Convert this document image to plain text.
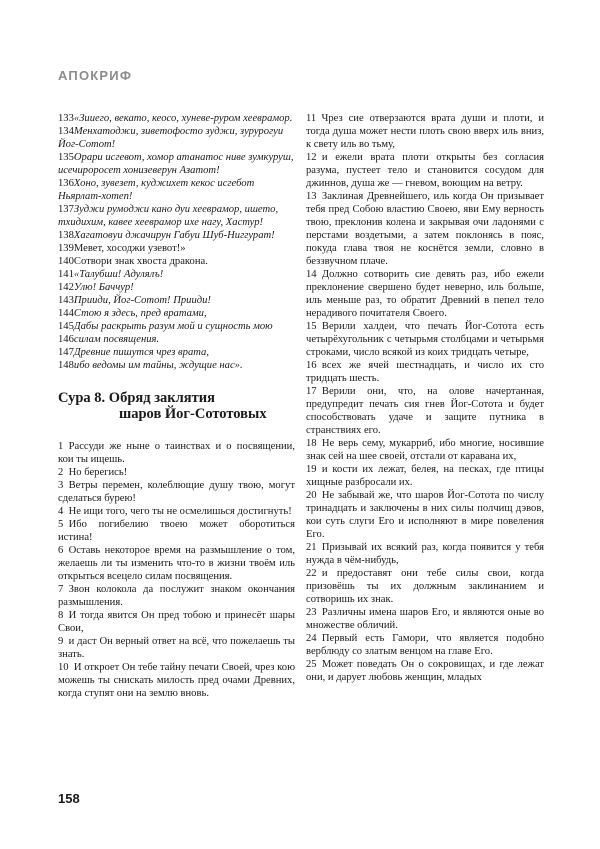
АПОКРИФ

133«Зииего, векато, кеосо, хуневе-руром хееврамор.

134Менхатоджи, зиветофосто зуджи, зурурогуи Йог-Сотот!

135Орари исгевот, хомор атанатос ниве зумкуруш, исечироросет хонизеверун Азатот!

136Хоно, зувезет, куджихет кекос исгебот Ньярлат-хотеп!

137Зуджи румоджи кано дуи хееврамор, ишето, тхидихим, кавее хееврамор ихе нагу, Хастур!

138Хагатовуи джачирун Габуи Шуб-Ниггурат!

139Мевет, хосоджи узевот!»

140Сотвори знак хвоста дракона.

141«Талубши! Адулялъ!

142Улю! Баччур!

143Прииди, Йог-Сотот! Прииди!

144Стою я здесь, пред вратами,

145Дабы раскрыть разум мой и сущность мою

146силам посвящения.

147Древние пишутся чрез врата,

148ибо ведомы им тайны, ждущие нас».

Сура 8. Обряд заклятия
шаров Йог-Сототовых

1  Рассуди же ныне о таинствах и о посвящении, кои ты ищешь.

2  Но берегись!

3  Ветры перемен, колеблющие душу твою, могут сделаться бурею!

4  Не ищи того, чего ты не осмелишься достигнуть!

5  Ибо погибелию твоею может оборотиться истина!

6  Оставь некоторое время на размышление о том, желаешь ли ты изменить что-то в жизни твоём иль открыться всецело силам посвящения.

7  Звон колокола да послужит знаком окончания размышления.

8  И тогда явится Он пред тобою и принесёт шары Свои,

9  и даст Он верный ответ на всё, что пожелаешь ты знать.

10  И откроет Он тебе тайну печати Своей, чрез кою можешь ты снискать милость пред очами Древних, когда ступят они на землю вновь.

11  Чрез сие отверзаются врата души и плоти, и тогда душа может нести плоть свою вверх иль вниз, к свету иль во тьму,

12  и ежели врата плоти открыты без согласия разума, пустеет тело и становится сосудом для джиннов, душа же — гневом, воющим на ветру.

13  Заклиная Древнейшего, иль когда Он призывает тебя пред Собою властию Своею, яви Ему верность твою, преклонив колена и закрывая очи ладонями с перстами воздетыми, а затем поклонясь в пояс, покуда глава твоя не коснётся земли, словно в беззвучном плаче.

14  Должно сотворить сие девять раз, ибо ежели преклонение свершено будет неверно, иль больше, иль меньше раз, то обратит Древний в пепел тело нерадивого почитателя Своего.

15  Верили халдеи, что печать Йог-Сотота есть четырёхугольник с четырьмя столбцами и четырьмя строками, число всякой из коих тридцать четыре,

16  всех же ячей шестнадцать, и число их сто тридцать шесть.

17  Верили они, что, на олове начертанная, предупредит печать сия гнев Йог-Сотота и будет способствовать удаче и защите путника в странствиях его.

18  Не верь сему, мукарриб, ибо многие, носившие знак сей на шее своей, отстали от каравана их,

19  и кости их лежат, белея, на песках, где птицы хищные разбросали их.

20  Не забывай же, что шаров Йог-Сотота по числу тринадцать и заключены в них силы полчищ дэвов, кои суть слуги Его и исполняют в мире повеления Его.

21  Призывай их всякий раз, когда появится у тебя нужда в чём-нибудь,

22  и предоставят они тебе силы свои, когда призовёшь ты их должным заклинанием и сотворишь их знак.

23  Различны имена шаров Его, и являются оные во множестве обличий.

24  Первый есть Гамори, что является подобно верблюду со златым венцом на главе Его.

25  Может поведать Он о сокровищах, и где лежат они, и дарует любовь женщин, младых

158
